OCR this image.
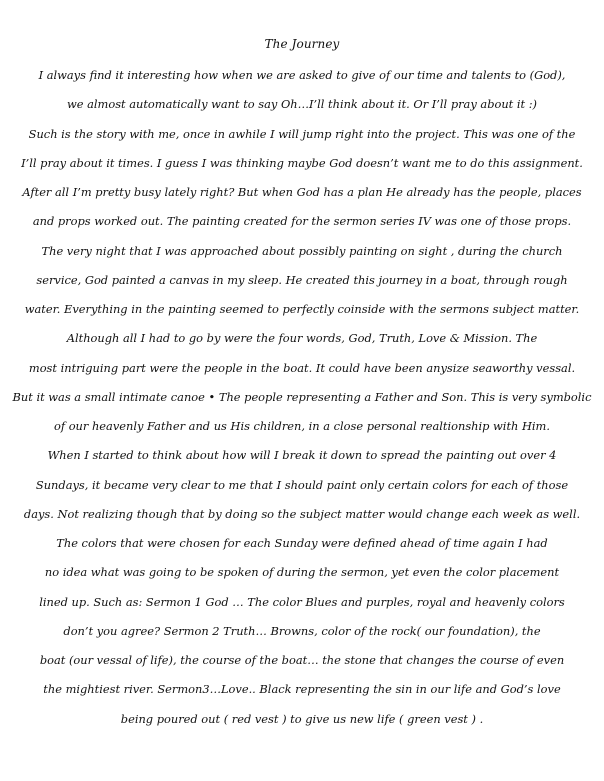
The Journey
I always find it interesting how when we are asked to give of our time and talents to (God),
we almost automatically want to say Oh…I’ll think about it. Or I’ll pray about it :)
Such is the story with me, once in awhile I will jump right into the project. This was one of the
I’ll pray about it times. I guess I was thinking maybe God doesn’t want me to do this assignment.
After all I’m pretty busy lately right? But when God has a plan He already has the people, places
and props worked out. The painting created for the sermon series IV was one of those props.
The very night that I was approached about possibly painting on sight , during the church
service, God painted a canvas in my sleep. He created this journey in a boat, through rough
water. Everything in the painting seemed to perfectly coinside with the sermons subject matter.
Although all I had to go by were the four words, God, Truth, Love & Mission. The
most intriguing part were the people in the boat. It could have been anysize seaworthy vessal.
But it was a small intimate canoe • The people representing a Father and Son. This is very symbolic
of our heavenly Father and us His children, in a close personal realtionship with Him.
When I started to think about how will I break it down to spread the painting out over 4
Sundays, it became very clear to me that I should paint only certain colors for each of those
days. Not realizing though that by doing so the subject matter would change each week as well.
The colors that were chosen for each Sunday were defined ahead of time again I had
no idea what was going to be spoken of during the sermon, yet even the color placement
lined up. Such as: Sermon 1 God … The color Blues and purples, royal and heavenly colors
don’t you agree? Sermon 2 Truth… Browns, color of the rock( our foundation), the
boat (our vessal of life), the course of the boat… the stone that changes the course of even
the mightiest river. Sermon3…Love.. Black representing the sin in our life and God’s love
being poured out ( red vest ) to give us new life ( green vest ) .
